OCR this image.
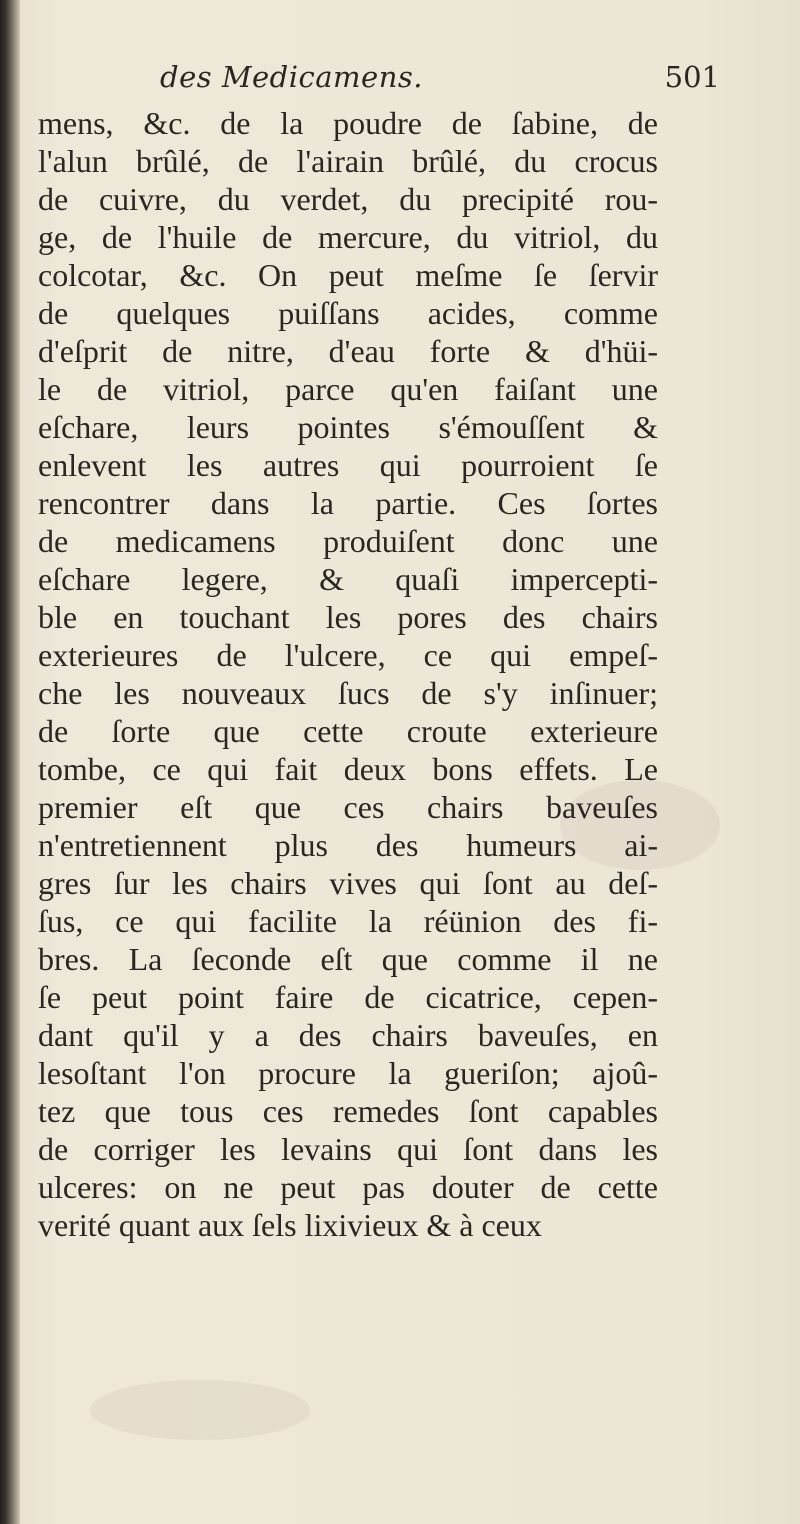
des Medicamens.	501
mens, &c. de la poudre de ſabine, de
l'alun brûlé, de l'airain brûlé, du crocus
de cuivre, du verdet, du precipité rou-
ge, de l'huile de mercure, du vitriol, du
colcotar, &c. On peut meſme ſe ſervir
de quelques puiſſans acides, comme
d'eſprit de nitre, d'eau forte & d'hüi-
le de vitriol, parce qu'en faiſant une
eſchare, leurs pointes s'émouſſent &
enlevent les autres qui pourroient ſe
rencontrer dans la partie. Ces ſortes
de medicamens produiſent donc une
eſchare legere, & quaſi impercepti-
ble en touchant les pores des chairs
exterieures de l'ulcere, ce qui empeſ-
che les nouveaux ſucs de s'y inſinuer;
de ſorte que cette croute exterieure
tombe, ce qui fait deux bons effets. Le
premier eſt que ces chairs baveuſes
n'entretiennent plus des humeurs ai-
gres ſur les chairs vives qui ſont au deſ-
ſus, ce qui facilite la réünion des fi-
bres. La ſeconde eſt que comme il ne
ſe peut point faire de cicatrice, cepen-
dant qu'il y a des chairs baveuſes, en
lesoſtant l'on procure la gueriſon; ajoû-
tez que tous ces remedes ſont capables
de corriger les levains qui ſont dans les
ulceres: on ne peut pas douter de cette
verité quant aux ſels lixivieux & à ceux
